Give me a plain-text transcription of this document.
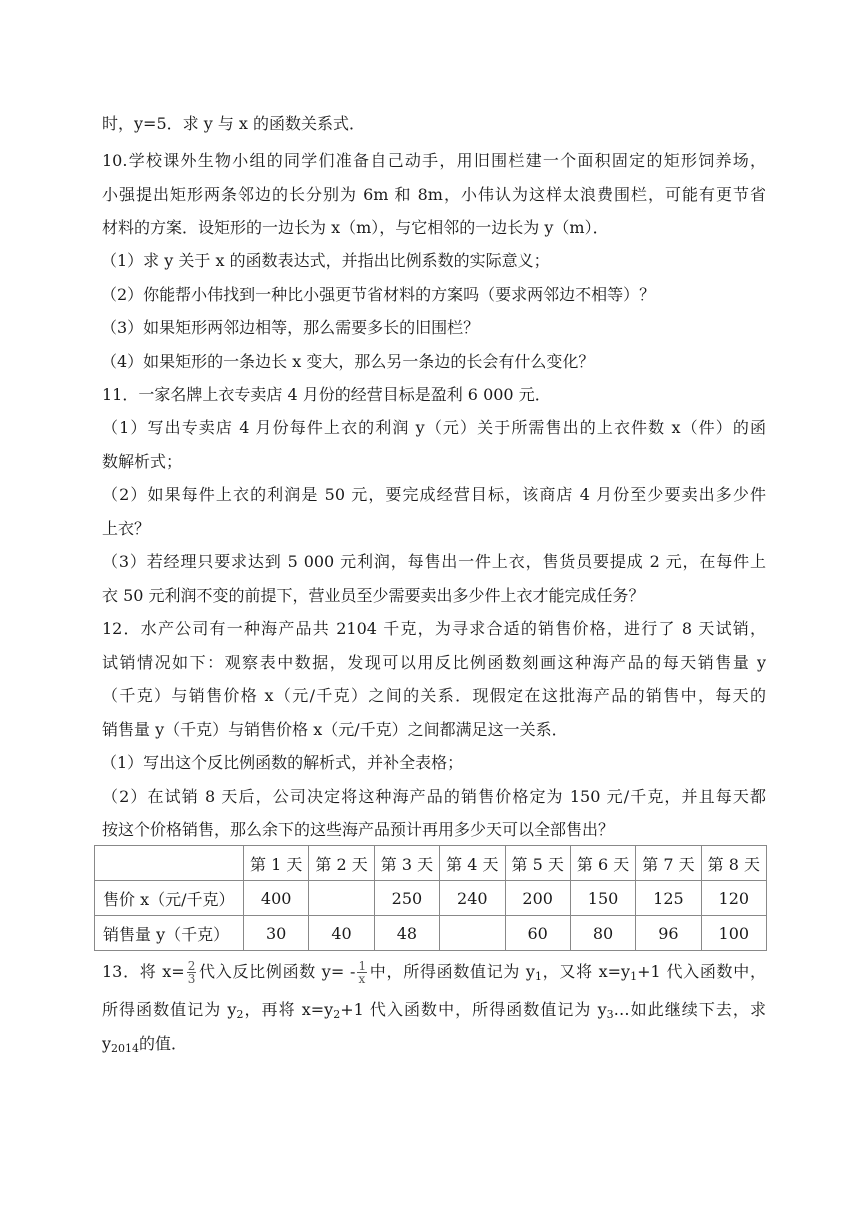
时，y=5．求 y 与 x 的函数关系式．
10.学校课外生物小组的同学们准备自己动手，用旧围栏建一个面积固定的矩形饲养场，
小强提出矩形两条邻边的长分别为 6m 和 8m，小伟认为这样太浪费围栏，可能有更节省
材料的方案．设矩形的一边长为 x（m），与它相邻的一边长为 y（m）．
（1）求 y 关于 x 的函数表达式，并指出比例系数的实际意义；
（2）你能帮小伟找到一种比小强更节省材料的方案吗（要求两邻边不相等）？
（3）如果矩形两邻边相等，那么需要多长的旧围栏？
（4）如果矩形的一条边长 x 变大，那么另一条边的长会有什么变化？
11．一家名牌上衣专卖店 4 月份的经营目标是盈利 6 000 元．
（1）写出专卖店 4 月份每件上衣的利润 y（元）关于所需售出的上衣件数 x（件）的函
数解析式；
（2）如果每件上衣的利润是 50 元，要完成经营目标，该商店 4 月份至少要卖出多少件
上衣？
（3）若经理只要求达到 5 000 元利润，每售出一件上衣，售货员要提成 2 元，在每件上
衣 50 元利润不变的前提下，营业员至少需要卖出多少件上衣才能完成任务？
12．水产公司有一种海产品共 2104 千克，为寻求合适的销售价格，进行了 8 天试销，
试销情况如下：观察表中数据，发现可以用反比例函数刻画这种海产品的每天销售量 y
（千克）与销售价格 x（元/千克）之间的关系．现假定在这批海产品的销售中，每天的
销售量 y（千克）与销售价格 x（元/千克）之间都满足这一关系．
（1）写出这个反比例函数的解析式，并补全表格；
（2）在试销 8 天后，公司决定将这种海产品的销售价格定为 150 元/千克，并且每天都
按这个价格销售，那么余下的这些海产品预计再用多少天可以全部售出？
	第 1 天	第 2 天	第 3 天	第 4 天	第 5 天	第 6 天	第 7 天	第 8 天
售价 x（元/千克）	400		250	240	200	150	125	120
销售量 y（千克）	30	40	48		60	80	96	100
13．将 $x= \frac{2}{3}$ 代入反比例函数 $y= - \frac{1}{x}$ 中，所得函数值记为 $y_1$，又将 $x=y_1+1$ 代入函数中，
所得函数值记为 $y_2$，再将 $x=y_2+1$ 代入函数中，所得函数值记为 $y_3\dots$如此继续下去，求
$y_{2014}$的值．
